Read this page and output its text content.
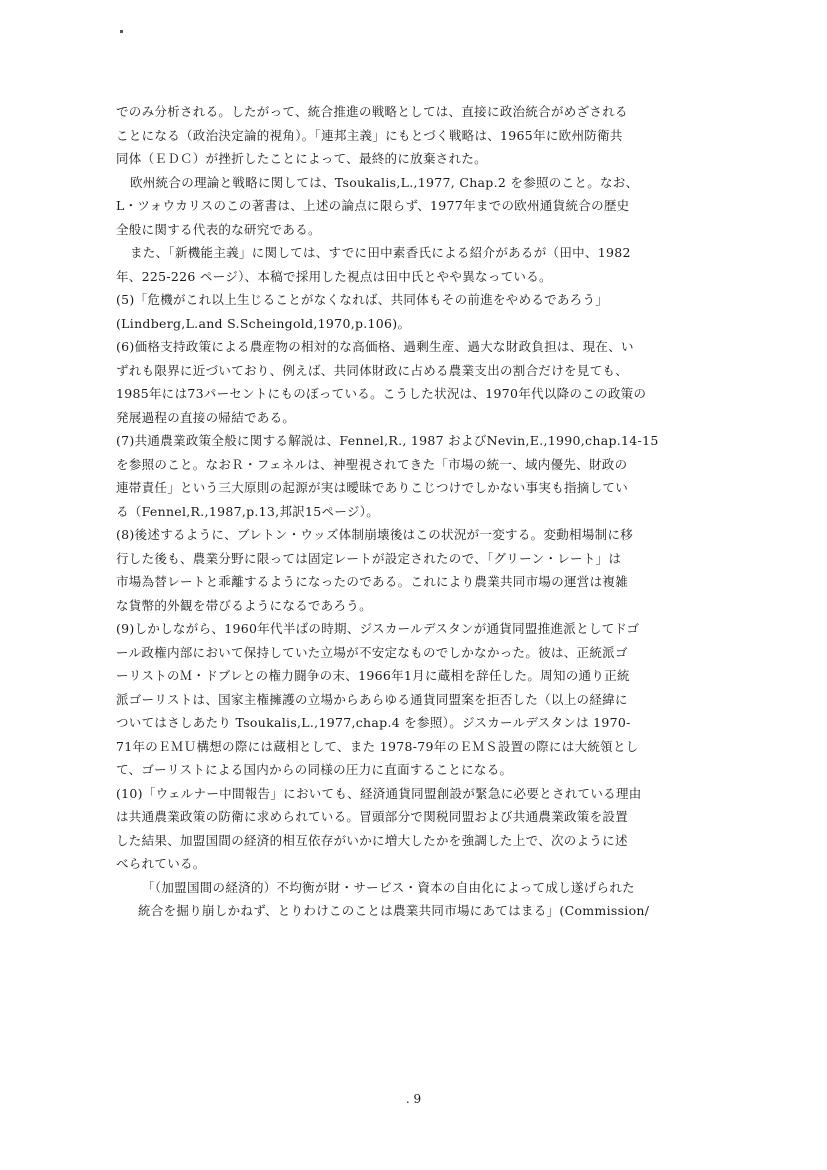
でのみ分析される。したがって、統合推進の戦略としては、直接に政治統合がめざされる
ことになる（政治決定論的視角）。「連邦主義」にもとづく戦略は、1965年に欧州防衛共
同体（ＥＤＣ）が挫折したことによって、最終的に放棄された。
欧州統合の理論と戦略に関しては、Tsoukalis,L.,1977, Chap.2 を参照のこと。なお、
L・ツォウカリスのこの著書は、上述の論点に限らず、1977年までの欧州通貨統合の歴史
全般に関する代表的な研究である。
また、「新機能主義」に関しては、すでに田中素香氏による紹介があるが（田中、1982
年、225-226 ページ）、本稿で採用した視点は田中氏とやや異なっている。
(5)「危機がこれ以上生じることがなくなれば、共同体もその前進をやめるであろう」
(Lindberg,L.and S.Scheingold,1970,p.106)。
(6)価格支持政策による農産物の相対的な高価格、過剰生産、過大な財政負担は、現在、い
ずれも限界に近づいており、例えば、共同体財政に占める農業支出の割合だけを見ても、
1985年には73パーセントにものぼっている。こうした状況は、1970年代以降のこの政策の
発展過程の直接の帰結である。
(7)共通農業政策全般に関する解説は、Fennel,R., 1987 およびNevin,E.,1990,chap.14-15
を参照のこと。なおＲ・フェネルは、神聖視されてきた「市場の統一、域内優先、財政の
連帯責任」という三大原則の起源が実は曖昧でありこじつけでしかない事実も指摘してい
る（Fennel,R.,1987,p.13,邦訳15ページ）。
(8)後述するように、ブレトン・ウッズ体制崩壊後はこの状況が一変する。変動相場制に移
行した後も、農業分野に限っては固定レートが設定されたので、「グリーン・レート」は
市場為替レートと乖離するようになったのである。これにより農業共同市場の運営は複雑
な貨幣的外観を帯びるようになるであろう。
(9)しかしながら、1960年代半ばの時期、ジスカールデスタンが通貨同盟推進派としてドゴ
ール政権内部において保持していた立場が不安定なものでしかなかった。彼は、正統派ゴ
ーリストのＭ・ドブレとの権力闘争の末、1966年1月に蔵相を辞任した。周知の通り正統
派ゴーリストは、国家主権擁護の立場からあらゆる通貨同盟案を拒否した（以上の経緯に
ついてはさしあたり Tsoukalis,L.,1977,chap.4 を参照）。ジスカールデスタンは 1970-
71年のＥＭＵ構想の際には蔵相として、また 1978-79年のＥＭＳ設置の際には大統領とし
て、ゴーリストによる国内からの同様の圧力に直面することになる。
(10)「ウェルナー中間報告」においても、経済通貨同盟創設が緊急に必要とされている理由
は共通農業政策の防衛に求められている。冒頭部分で関税同盟および共通農業政策を設置
した結果、加盟国間の経済的相互依存がいかに増大したかを強調した上で、次のように述
べられている。
「（加盟国間の経済的）不均衡が財・サービス・資本の自由化によって成し遂げられた
統合を掘り崩しかねず、とりわけこのことは農業共同市場にあてはまる」(Commission/
. 9
